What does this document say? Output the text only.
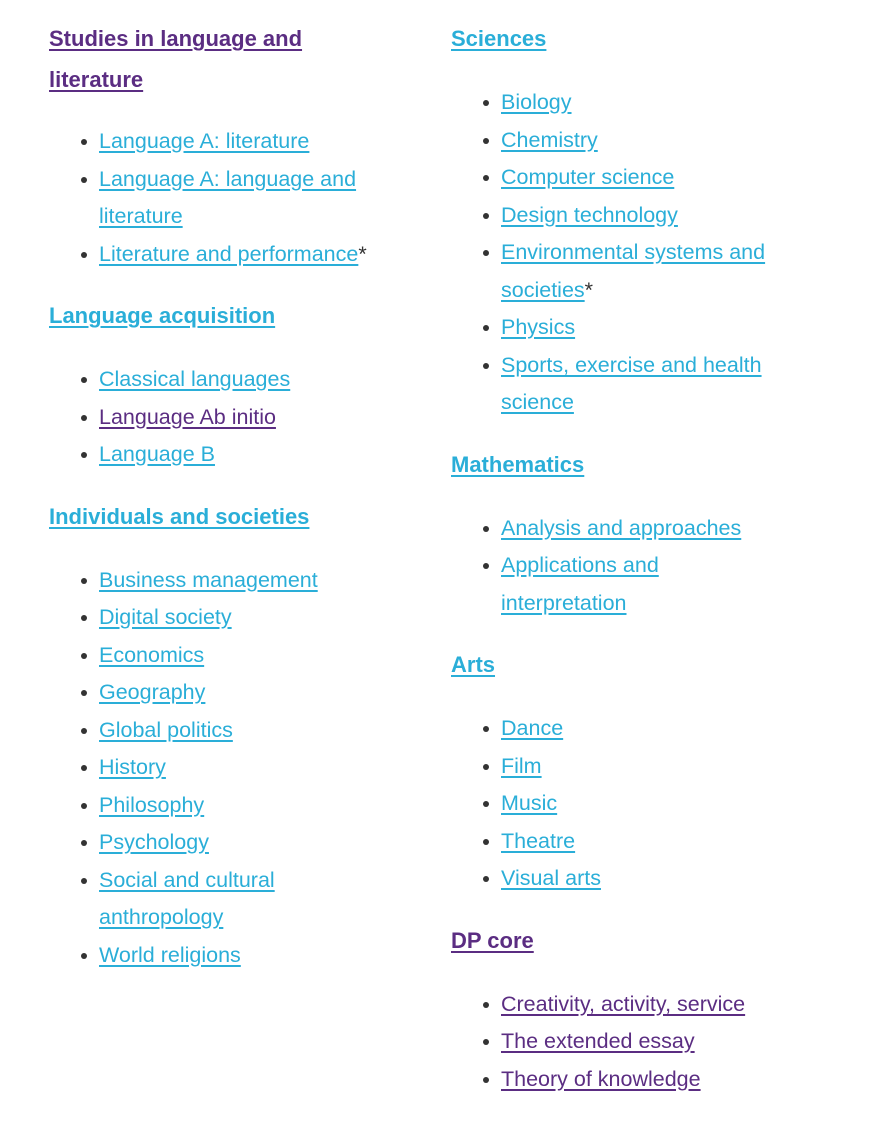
Studies in language and literature
Language A: literature
Language A: language and literature
Literature and performance*
Language acquisition
Classical languages
Language Ab initio
Language B
Individuals and societies
Business management
Digital society
Economics
Geography
Global politics
History
Philosophy
Psychology
Social and cultural anthropology
World religions
Sciences
Biology
Chemistry
Computer science
Design technology
Environmental systems and societies*
Physics
Sports, exercise and health science
Mathematics
Analysis and approaches
Applications and interpretation
Arts
Dance
Film
Music
Theatre
Visual arts
DP core
Creativity, activity, service
The extended essay
Theory of knowledge
